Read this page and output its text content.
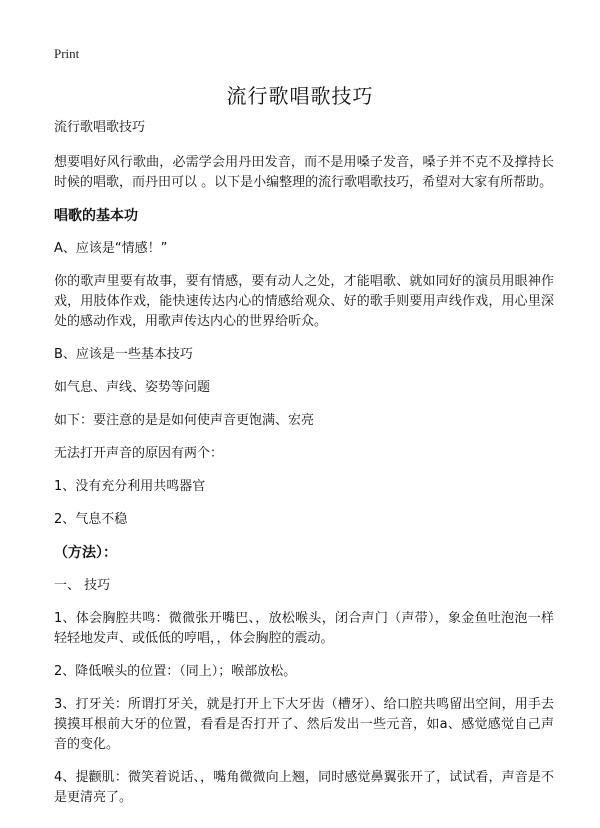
Print
流行歌唱歌技巧

流行歌唱歌技巧

想要唱好风行歌曲，必需学会用丹田发音，而不是用嗓子发音，嗓子并不克不及撑持长时候的唱歌，而丹田可以 。以下是小编整理的流行歌唱歌技巧，希望对大家有所帮助。

唱歌的基本功

A、应该是“情感！”

你的歌声里要有故事，要有情感，要有动人之处，才能唱歌、就如同好的演员用眼神作戏，用肢体作戏，能快速传达内心的情感给观众、好的歌手则要用声线作戏，用心里深处的感动作戏，用歌声传达内心的世界给听众。

B、应该是一些基本技巧

如气息、声线、姿势等问题

如下：要注意的是是如何使声音更饱满、宏亮

无法打开声音的原因有两个：

1、没有充分利用共鸣器官

2、气息不稳

（方法）：

一、 技巧

1、体会胸腔共鸣：微微张开嘴巴、，放松喉头，闭合声门（声带），象金鱼吐泡泡一样轻轻地发声、或低低的哼唱，，体会胸腔的震动。

2、降低喉头的位置：（同上）；喉部放松。

3、打牙关：所谓打牙关，就是打开上下大牙齿（槽牙）、给口腔共鸣留出空间，用手去摸摸耳根前大牙的位置，看看是否打开了、然后发出一些元音，如a、感觉感觉自己声音的变化。

4、提颧肌：微笑着说话、，嘴角微微向上翘，同时感觉鼻翼张开了，试试看，声音是不是更清亮了。
